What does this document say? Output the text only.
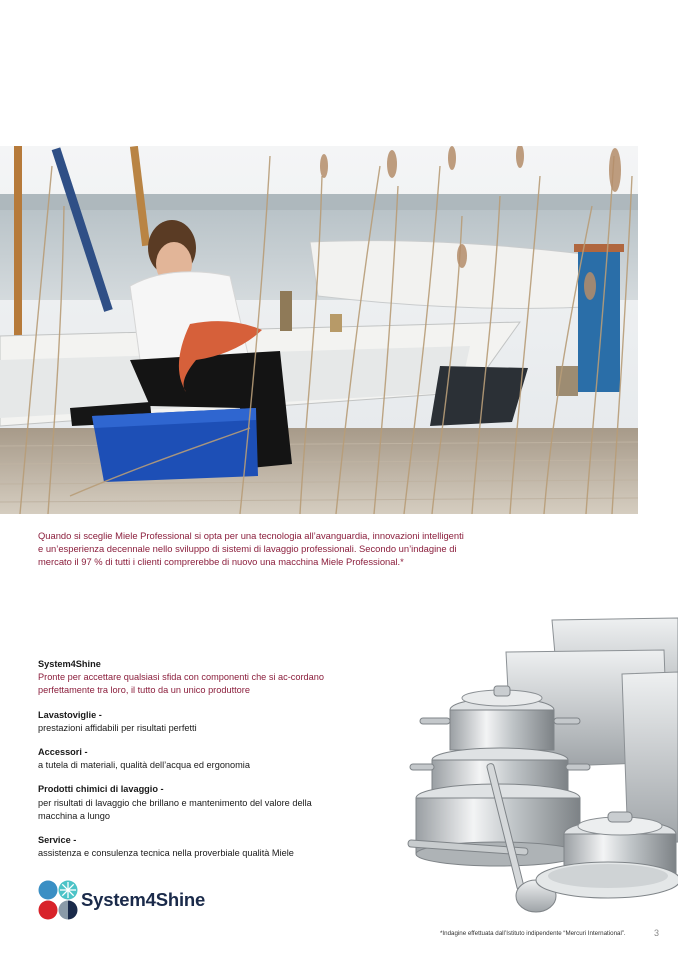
Quando si sceglie Miele Professional si opta per una tecnologia all’avanguardia, innovazioni intelligenti e un’esperienza decennale nello sviluppo di sistemi di lavaggio professionali. Secondo un’indagine di mercato il 97 % di tutti i clienti comprerebbe di nuovo una macchina Miele Professional.*

System4Shine
Pronte per accettare qualsiasi sfida con componenti che si ac-cordano perfettamente tra loro, il tutto da un unico produttore
Lavastoviglie -
prestazioni affidabili per risultati perfetti
Accessori -
a tutela di materiali, qualità dell’acqua ed ergonomia
Prodotti chimici di lavaggio -
per risultati di lavaggio che brillano e mantenimento del valore della macchina a lungo
Service -
assistenza e consulenza tecnica nella proverbiale qualità Miele
System4Shine
*Indagine effettuata dall’Istituto indipendente “Mercuri International”.	3
